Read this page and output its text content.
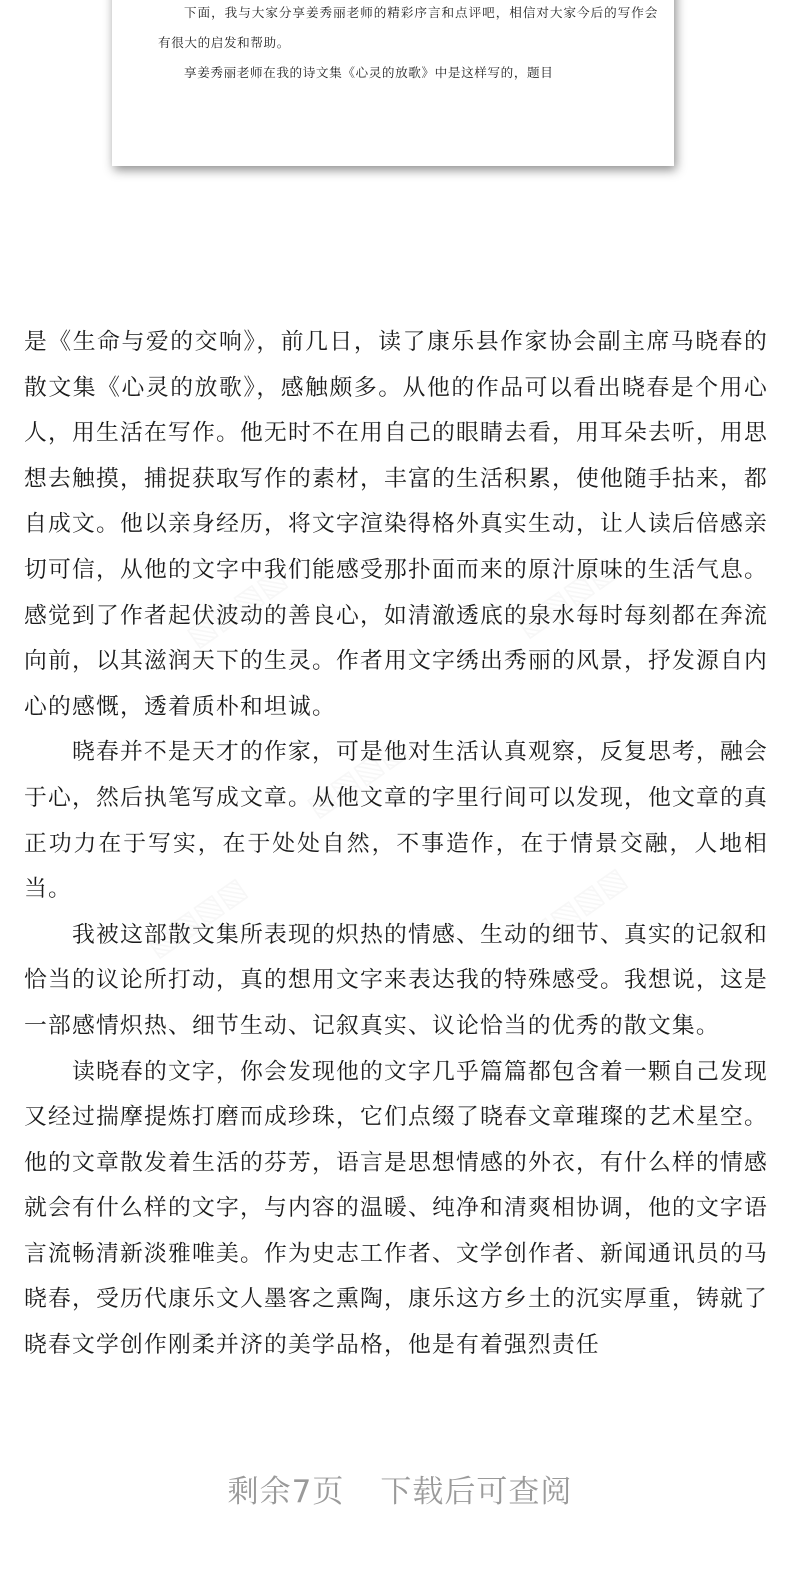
下面，我与大家分享姜秀丽老师的精彩序言和点评吧，相信对大家今后的写作会有很大的启发和帮助。

享姜秀丽老师在我的诗文集《心灵的放歌》中是这样写的，题目

▧▧▧▧	▧▧▧▧
▧▧▧▧
▧▧▧▧	▧▧▧▧

是《生命与爱的交响》，前几日，读了康乐县作家协会副主席马晓春的散文集《心灵的放歌》，感触颇多。从他的作品可以看出晓春是个用心人，用生活在写作。他无时不在用自己的眼睛去看，用耳朵去听，用思想去触摸，捕捉获取写作的素材，丰富的生活积累，使他随手拈来，都自成文。他以亲身经历，将文字渲染得格外真实生动，让人读后倍感亲切可信，从他的文字中我们能感受那扑面而来的原汁原味的生活气息。感觉到了作者起伏波动的善良心，如清澈透底的泉水每时每刻都在奔流向前，以其滋润天下的生灵。作者用文字绣出秀丽的风景，抒发源自内心的感慨，透着质朴和坦诚。

晓春并不是天才的作家，可是他对生活认真观察，反复思考，融会于心，然后执笔写成文章。从他文章的字里行间可以发现，他文章的真正功力在于写实，在于处处自然，不事造作，在于情景交融，人地相当。

我被这部散文集所表现的炽热的情感、生动的细节、真实的记叙和恰当的议论所打动，真的想用文字来表达我的特殊感受。我想说，这是一部感情炽热、细节生动、记叙真实、议论恰当的优秀的散文集。

读晓春的文字，你会发现他的文字几乎篇篇都包含着一颗自己发现又经过揣摩提炼打磨而成珍珠，它们点缀了晓春文章璀璨的艺术星空。他的文章散发着生活的芬芳，语言是思想情感的外衣，有什么样的情感就会有什么样的文字，与内容的温暖、纯净和清爽相协调，他的文字语言流畅清新淡雅唯美。作为史志工作者、文学创作者、新闻通讯员的马晓春，受历代康乐文人墨客之熏陶，康乐这方乡土的沉实厚重，铸就了晓春文学创作刚柔并济的美学品格，他是有着强烈责任

剩余7页 下载后可查阅
